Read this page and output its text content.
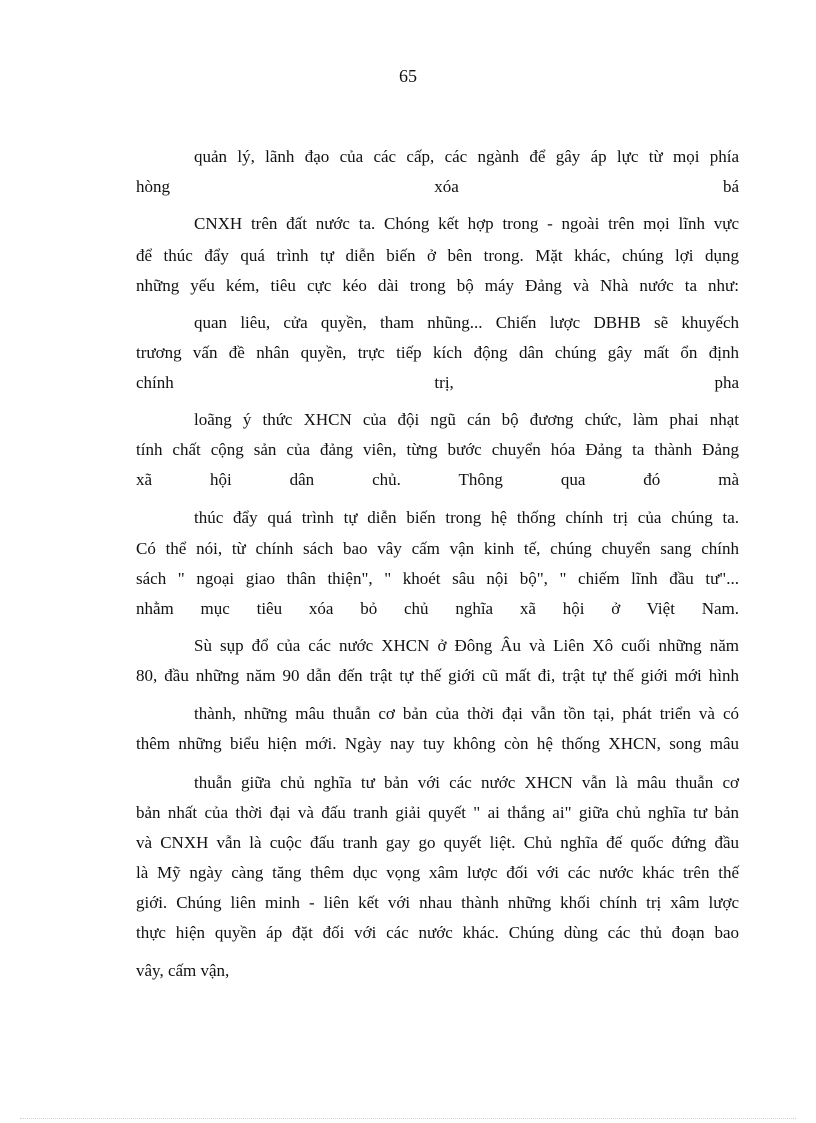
65
quản lý, lãnh đạo của các cấp, các ngành để gây áp lực từ mọi phía
hòng xóa bá
CNXH trên đất nước ta. Chóng kết hợp trong - ngoài trên mọi lĩnh vực
để thúc đẩy quá trình tự diễn biến ở bên trong. Mặt khác, chúng lợi dụng
những yếu kém, tiêu cực kéo dài trong bộ máy Đảng và Nhà nước ta như:
quan liêu, cửa quyền, tham nhũng... Chiến lược DBHB sẽ khuyếch
trương vấn đề nhân quyền, trực tiếp kích động dân chúng gây mất ổn định
chính trị, pha
loãng ý thức XHCN của đội ngũ cán bộ đương chức, làm phai nhạt
tính chất cộng sản của đảng viên, từng bước chuyển hóa Đảng ta thành Đảng
xã hội dân chủ. Thông qua đó mà
thúc đẩy quá trình tự diễn biến trong hệ thống chính trị của chúng ta.
Có thể nói, từ chính sách bao vây cấm vận kinh tế, chúng chuyển sang chính
sách " ngoại giao thân thiện", " khoét sâu nội bộ", " chiếm lĩnh đầu tư"...
nhằm mục tiêu xóa bỏ chủ nghĩa xã hội ở Việt Nam.
Sù sụp đổ của các nước XHCN ở Đông Âu và Liên Xô cuối những năm
80, đầu những năm 90 dẫn đến trật tự thế giới cũ mất đi, trật tự thế giới mới hình
thành, những mâu thuẫn cơ bản của thời đại vẫn tồn tại, phát triển và có
thêm những biểu hiện mới. Ngày nay tuy không còn hệ thống XHCN, song mâu
thuẫn giữa chủ nghĩa tư bản với các nước XHCN vẫn là mâu thuẫn cơ
bản nhất của thời đại và đấu tranh giải quyết " ai thắng ai" giữa chủ nghĩa tư bản
và CNXH vẫn là cuộc đấu tranh gay go quyết liệt. Chủ nghĩa đế quốc đứng đầu
là Mỹ ngày càng tăng thêm dục vọng xâm lược đối với các nước khác trên thế
giới. Chúng liên minh - liên kết với nhau thành những khối chính trị xâm lược
thực hiện quyền áp đặt đối với các nước khác. Chúng dùng các thủ đoạn bao
vây, cấm vận,
